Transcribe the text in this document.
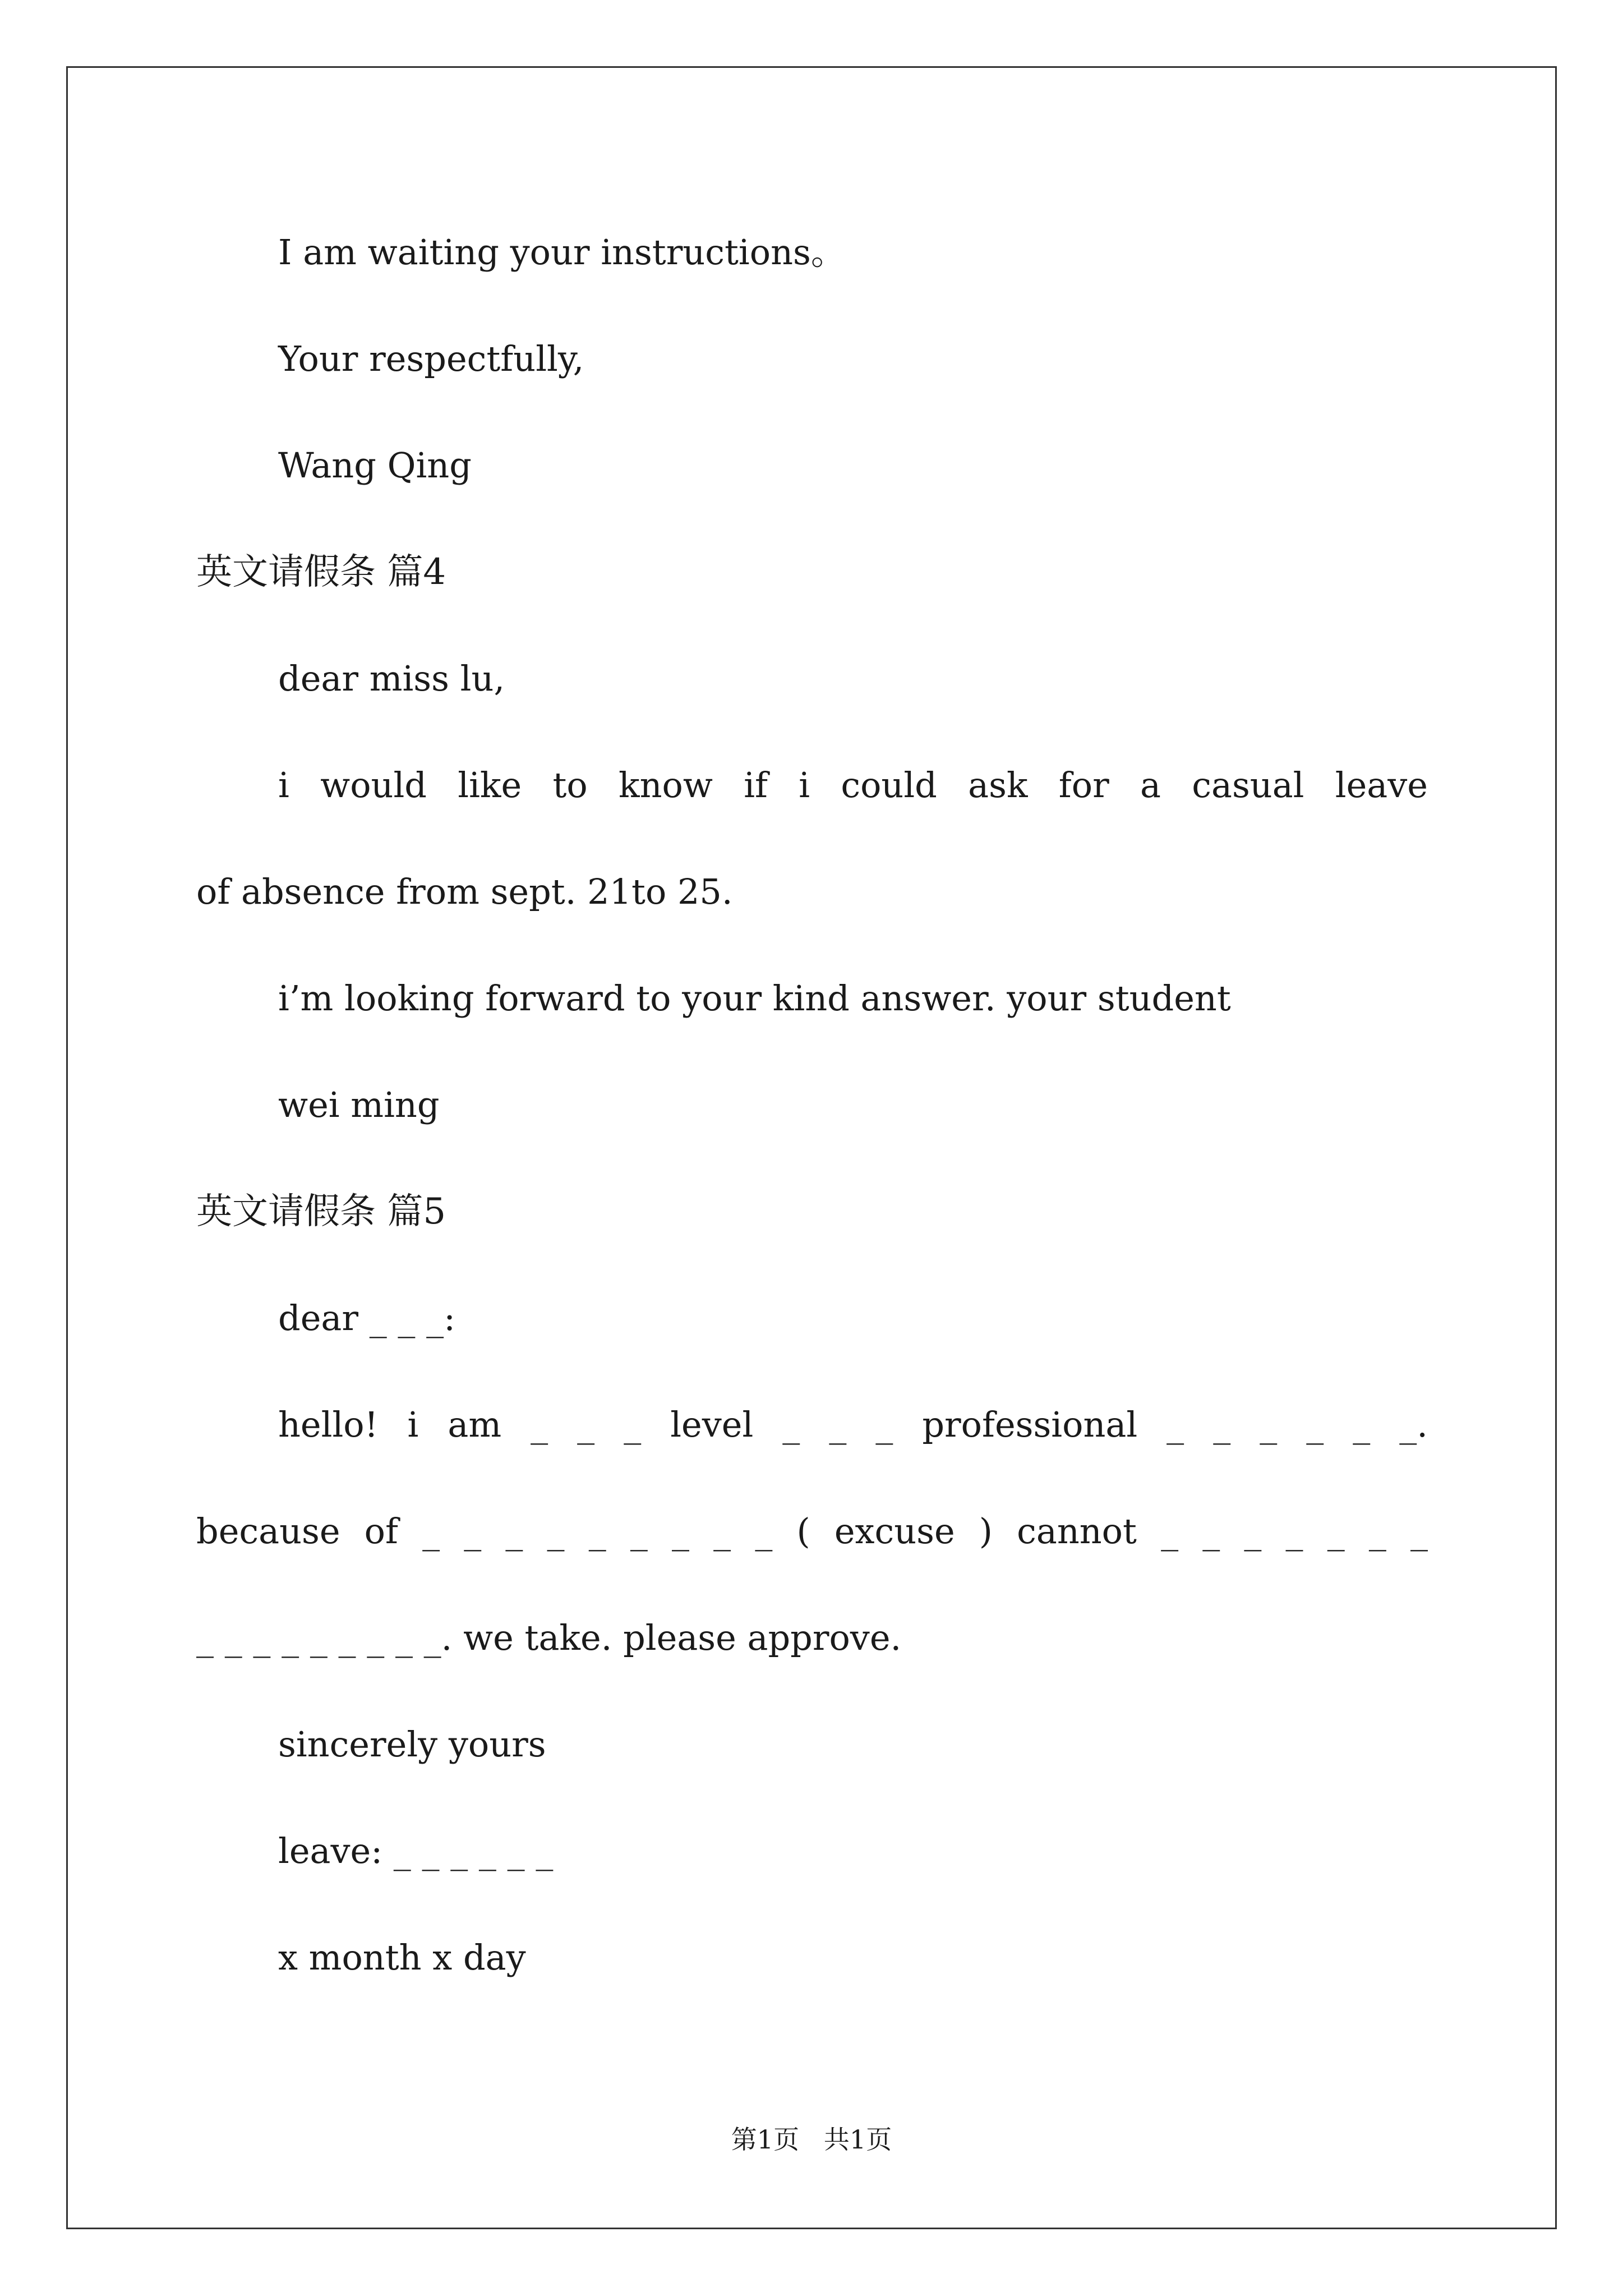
I am waiting your instructions。

Your respectfully,

Wang Qing

英文请假条 篇4

dear miss lu,

i would like to know if i could ask for a casual leave

of absence from sept. 21to 25.

i’m looking forward to your kind answer. your student

wei ming

英文请假条 篇5

dear _ _ _:

hello! i am _ _ _ level _ _ _ professional _ _ _ _ _ _.

because of _ _ _ _ _ _ _ _ _ ( excuse ) cannot _ _ _ _ _ _ _

_ _ _ _ _ _ _ _ _. we take. please approve.

sincerely yours

leave: _ _ _ _ _ _

x month x day

第1页   共1页
